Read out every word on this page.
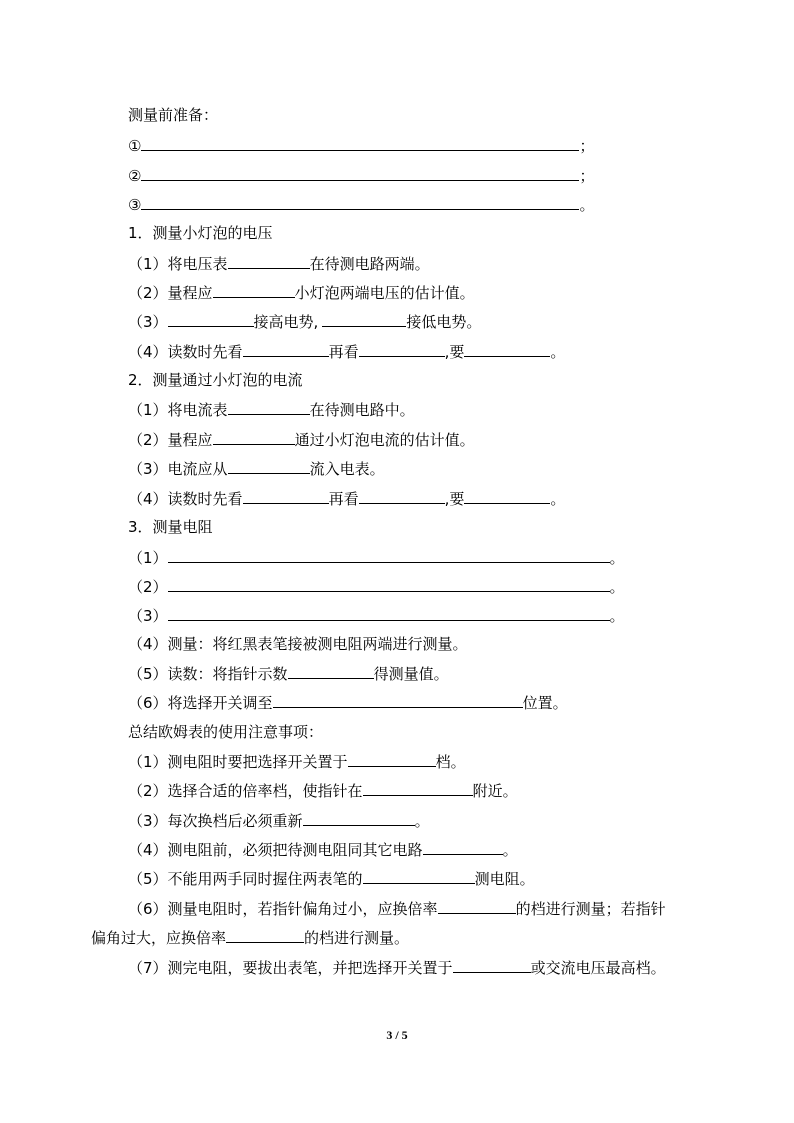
测量前准备：
①	；
②	；
③	。
1．测量小灯泡的电压
（1）将电压表	在待测电路两端。
（2）量程应	小灯泡两端电压的估计值。
（3）	接高电势,	接低电势。
（4）读数时先看	再看	,要	。
2．测量通过小灯泡的电流
（1）将电流表	在待测电路中。
（2）量程应	通过小灯泡电流的估计值。
（3）电流应从	流入电表。
（4）读数时先看	再看	,要	。
3．测量电阻
（1）	。
（2）	。
（3）	。
（4）测量：将红黑表笔接被测电阻两端进行测量。
（5）读数：将指针示数	得测量值。
（6）将选择开关调至	位置。
总结欧姆表的使用注意事项：
（1）测电阻时要把选择开关置于	档。
（2）选择合适的倍率档，使指针在	附近。
（3）每次换档后必须重新	。
（4）测电阻前，必须把待测电阻同其它电路	。
（5）不能用两手同时握住两表笔的	测电阻。
（6）测量电阻时，若指针偏角过小，应换倍率	的档进行测量；若指针
偏角过大，应换倍率	的档进行测量。
（7）测完电阻，要拔出表笔，并把选择开关置于	或交流电压最高档。
3 / 5
